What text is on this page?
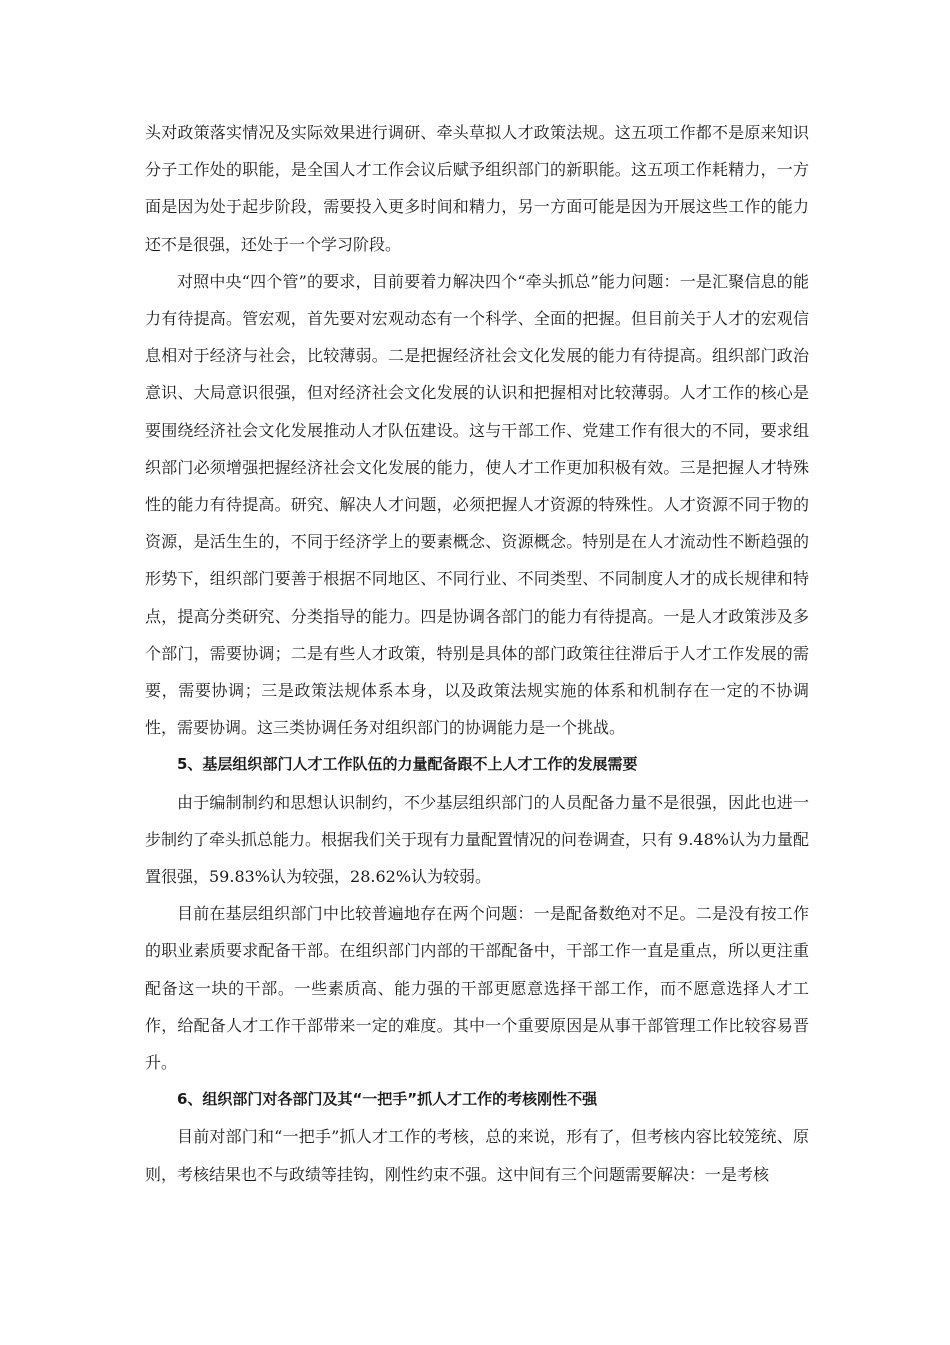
头对政策落实情况及实际效果进行调研、牵头草拟人才政策法规。这五项工作都不是原来知识分子工作处的职能，是全国人才工作会议后赋予组织部门的新职能。这五项工作耗精力，一方面是因为处于起步阶段，需要投入更多时间和精力，另一方面可能是因为开展这些工作的能力还不是很强，还处于一个学习阶段。

对照中央“四个管”的要求，目前要着力解决四个“牵头抓总”能力问题：一是汇聚信息的能力有待提高。管宏观，首先要对宏观动态有一个科学、全面的把握。但目前关于人才的宏观信息相对于经济与社会，比较薄弱。二是把握经济社会文化发展的能力有待提高。组织部门政治意识、大局意识很强，但对经济社会文化发展的认识和把握相对比较薄弱。人才工作的核心是要围绕经济社会文化发展推动人才队伍建设。这与干部工作、党建工作有很大的不同，要求组织部门必须增强把握经济社会文化发展的能力，使人才工作更加积极有效。三是把握人才特殊性的能力有待提高。研究、解决人才问题，必须把握人才资源的特殊性。人才资源不同于物的资源，是活生生的，不同于经济学上的要素概念、资源概念。特别是在人才流动性不断趋强的形势下，组织部门要善于根据不同地区、不同行业、不同类型、不同制度人才的成长规律和特点，提高分类研究、分类指导的能力。四是协调各部门的能力有待提高。一是人才政策涉及多个部门，需要协调；二是有些人才政策，特别是具体的部门政策往往滞后于人才工作发展的需要，需要协调；三是政策法规体系本身，以及政策法规实施的体系和机制存在一定的不协调性，需要协调。这三类协调任务对组织部门的协调能力是一个挑战。

5、基层组织部门人才工作队伍的力量配备跟不上人才工作的发展需要

由于编制制约和思想认识制约，不少基层组织部门的人员配备力量不是很强，因此也进一步制约了牵头抓总能力。根据我们关于现有力量配置情况的问卷调查，只有 9.48%认为力量配置很强，59.83%认为较强，28.62%认为较弱。

目前在基层组织部门中比较普遍地存在两个问题：一是配备数绝对不足。二是没有按工作的职业素质要求配备干部。在组织部门内部的干部配备中，干部工作一直是重点，所以更注重配备这一块的干部。一些素质高、能力强的干部更愿意选择干部工作，而不愿意选择人才工作，给配备人才工作干部带来一定的难度。其中一个重要原因是从事干部管理工作比较容易晋升。

6、组织部门对各部门及其“一把手”抓人才工作的考核刚性不强

目前对部门和“一把手”抓人才工作的考核，总的来说，形有了，但考核内容比较笼统、原则，考核结果也不与政绩等挂钩，刚性约束不强。这中间有三个问题需要解决：一是考核
